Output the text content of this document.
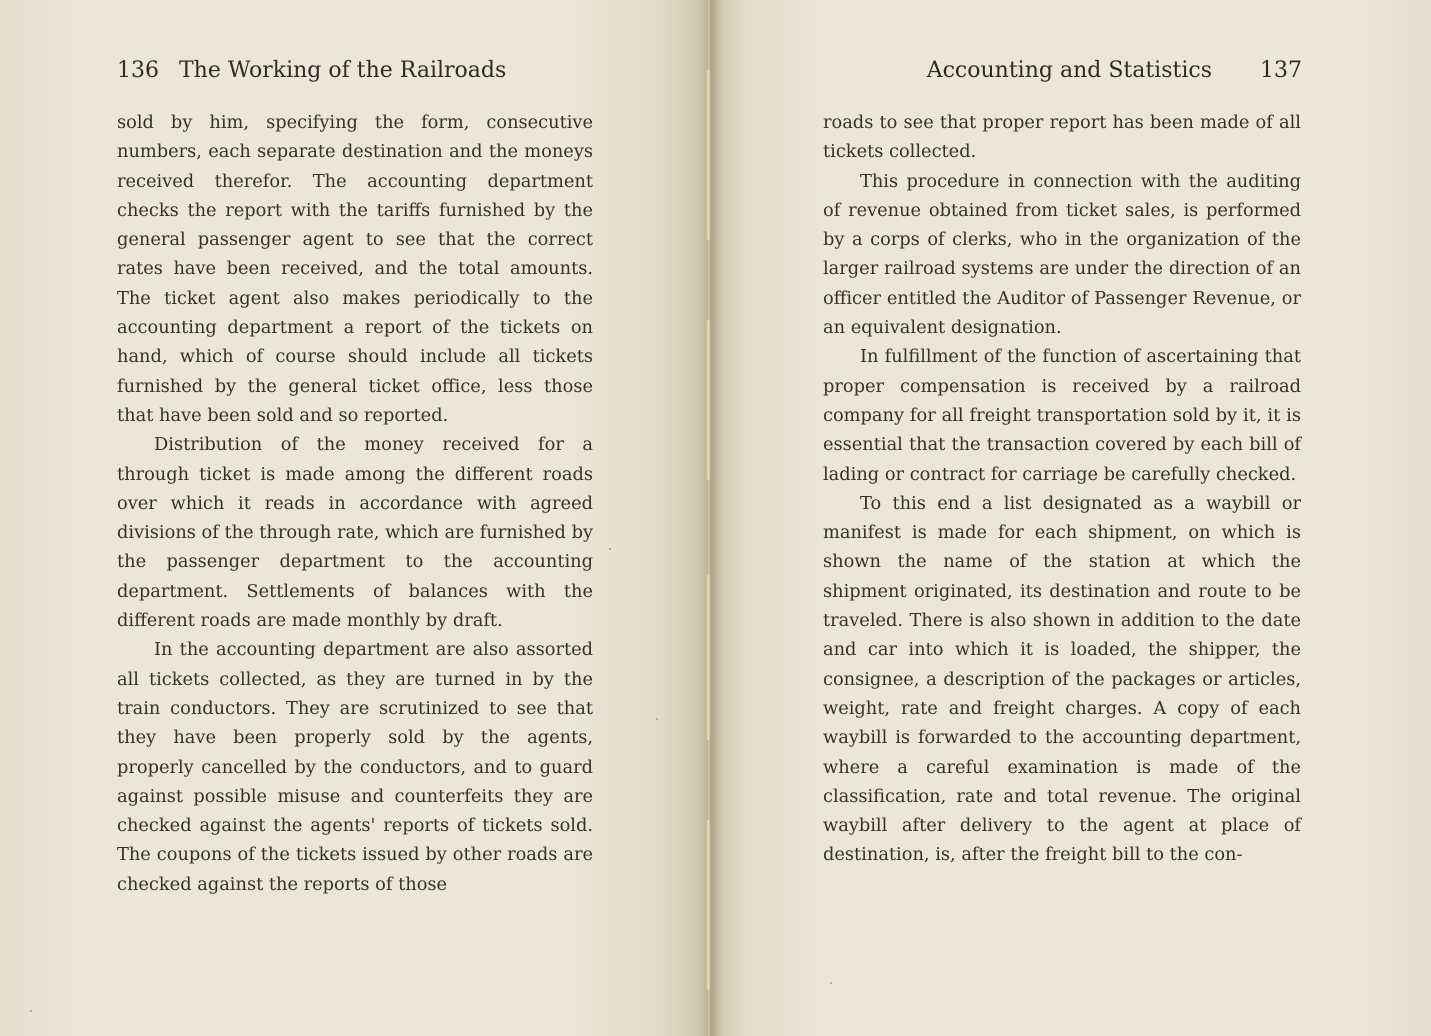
136 The Working of the Railroads

sold by him, specifying the form, consecutive numbers, each separate destination and the moneys received therefor. The accounting department checks the report with the tariffs furnished by the general passenger agent to see that the correct rates have been received, and the total amounts. The ticket agent also makes periodically to the accounting department a report of the tickets on hand, which of course should include all tickets furnished by the general ticket office, less those that have been sold and so reported.

Distribution of the money received for a through ticket is made among the different roads over which it reads in accordance with agreed divisions of the through rate, which are furnished by the passenger department to the accounting department. Settlements of balances with the different roads are made monthly by draft.

In the accounting department are also assorted all tickets collected, as they are turned in by the train conductors. They are scrutinized to see that they have been properly sold by the agents, properly cancelled by the conductors, and to guard against possible misuse and counterfeits they are checked against the agents' reports of tickets sold. The coupons of the tickets issued by other roads are checked against the reports of those

Accounting and Statistics 137

roads to see that proper report has been made of all tickets collected.

This procedure in connection with the auditing of revenue obtained from ticket sales, is performed by a corps of clerks, who in the organization of the larger railroad systems are under the direction of an officer entitled the Auditor of Passenger Revenue, or an equivalent designation.

In fulfillment of the function of ascertaining that proper compensation is received by a railroad company for all freight transportation sold by it, it is essential that the transaction covered by each bill of lading or contract for carriage be carefully checked.

To this end a list designated as a waybill or manifest is made for each shipment, on which is shown the name of the station at which the shipment originated, its destination and route to be traveled. There is also shown in addition to the date and car into which it is loaded, the shipper, the consignee, a description of the packages or articles, weight, rate and freight charges. A copy of each waybill is forwarded to the accounting department, where a careful examination is made of the classification, rate and total revenue. The original waybill after delivery to the agent at place of destination, is, after the freight bill to the con-
